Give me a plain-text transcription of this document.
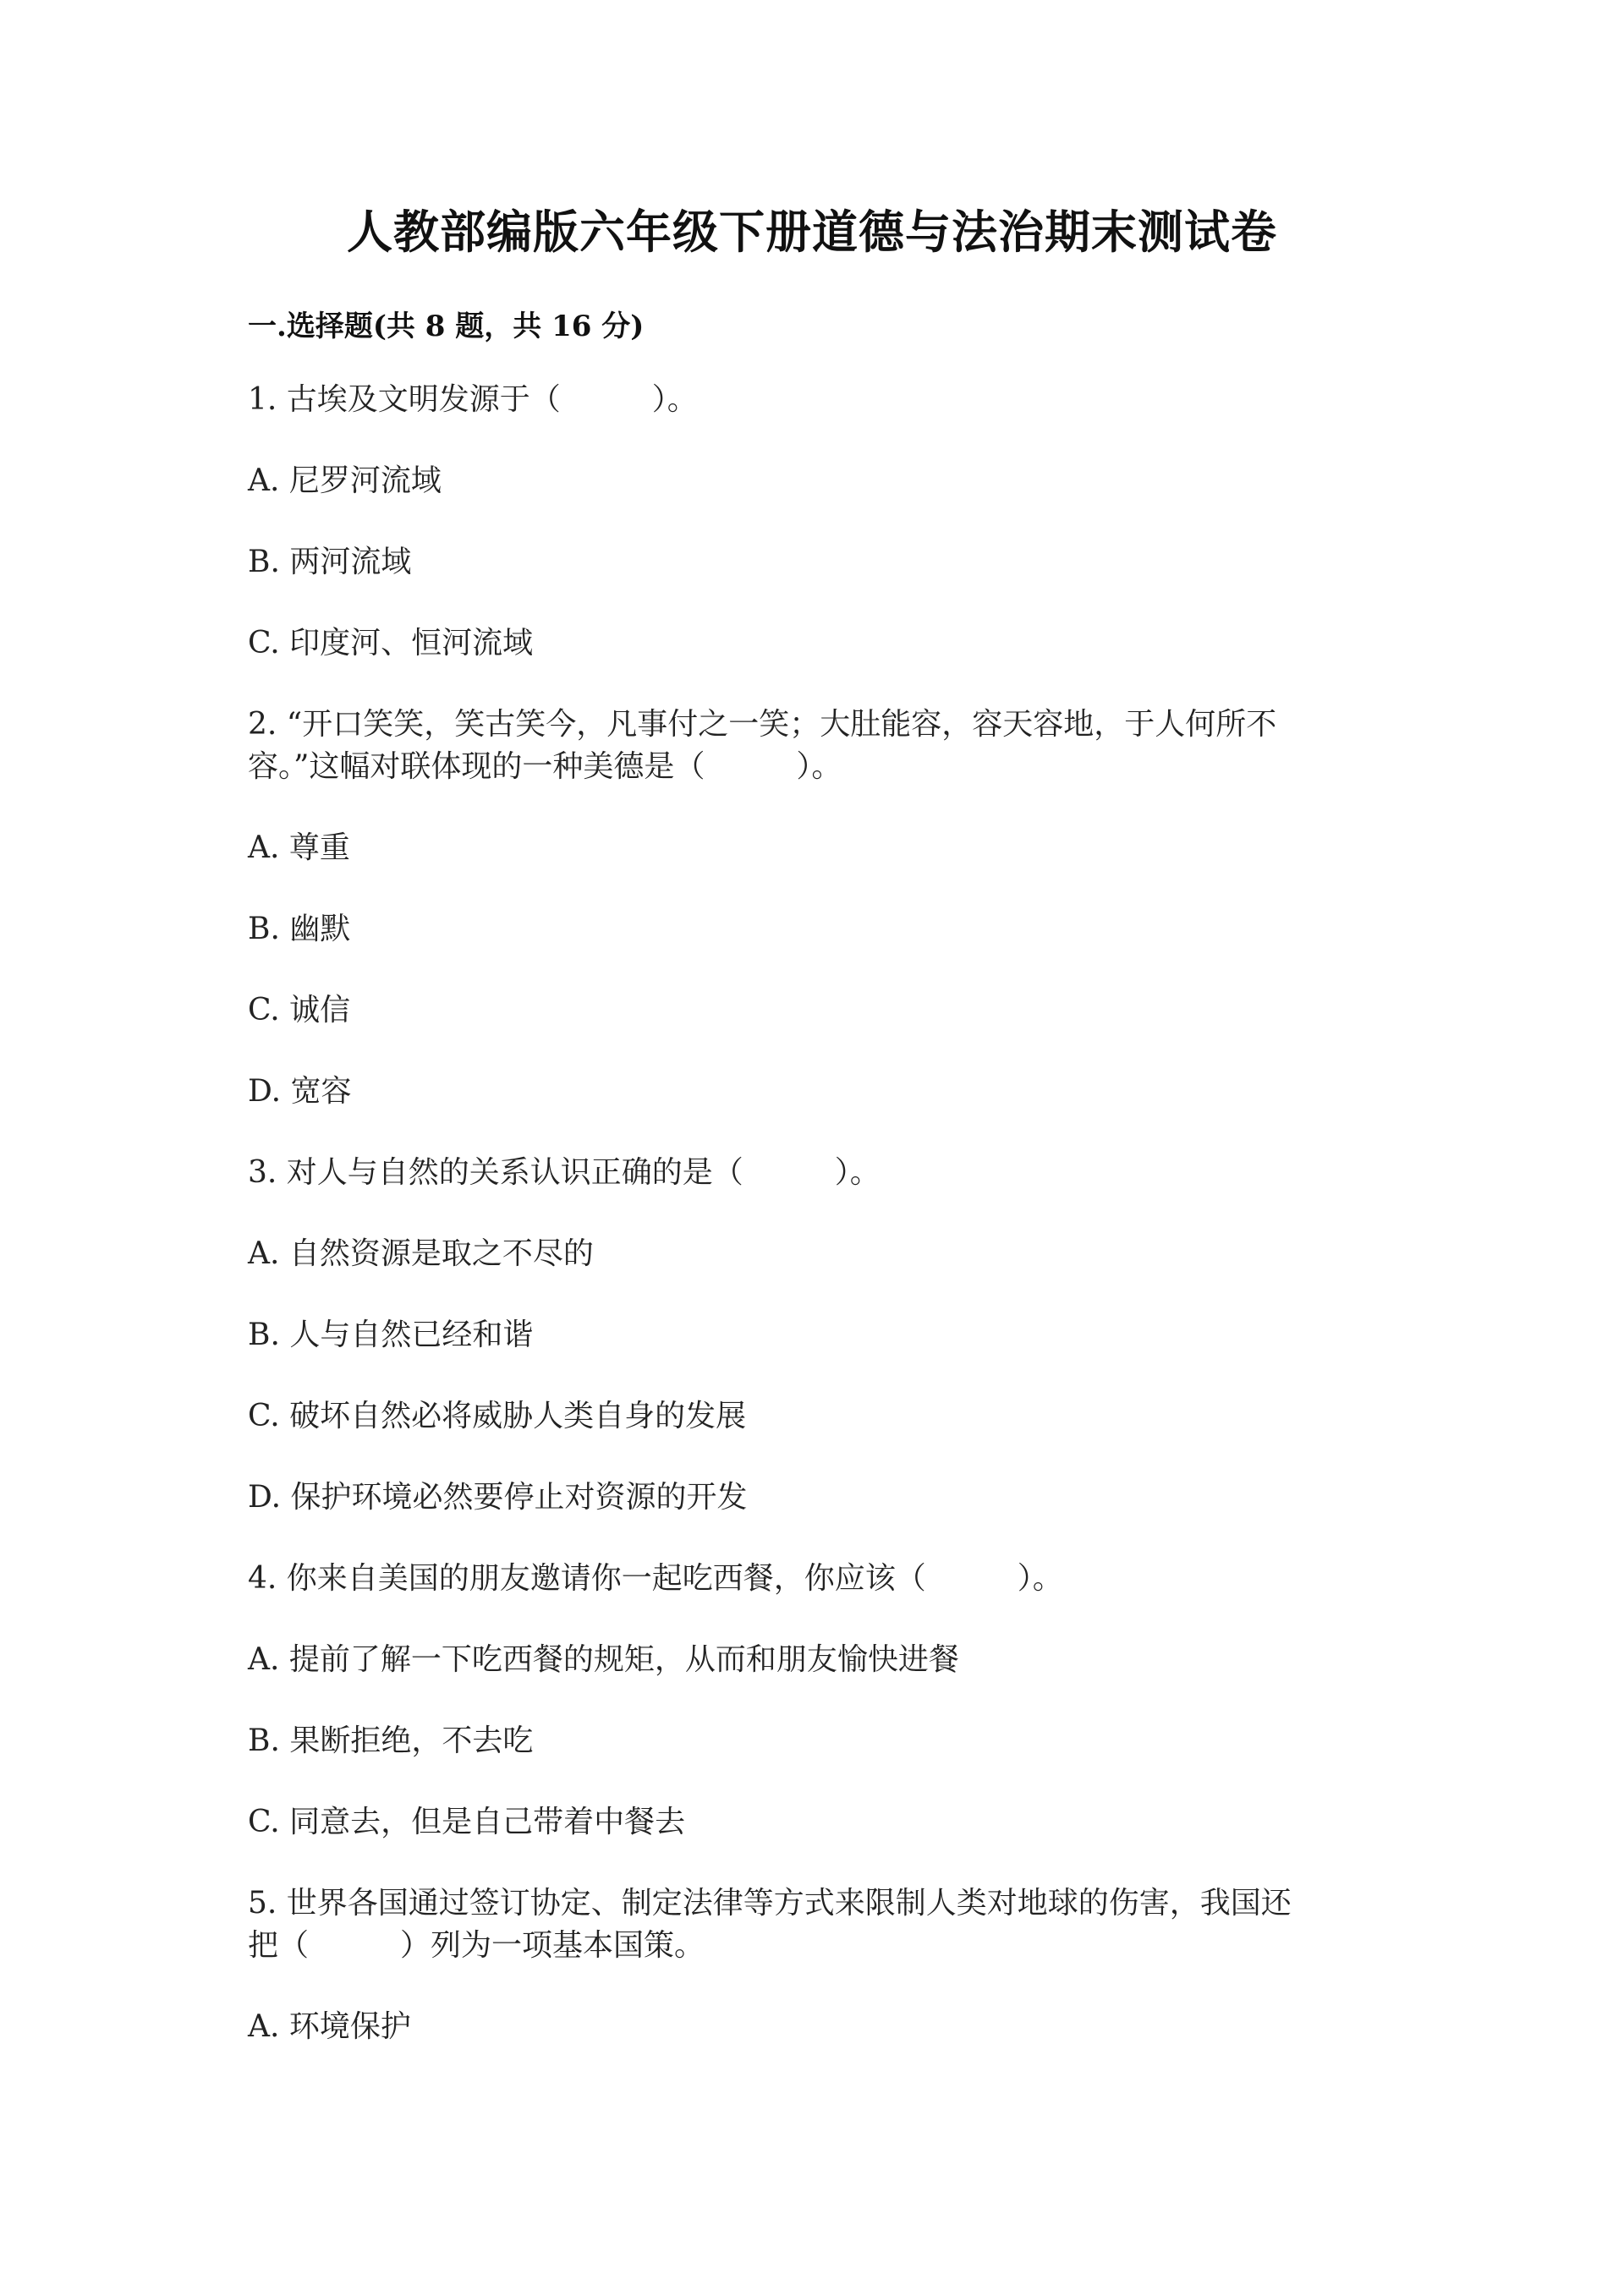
人教部编版六年级下册道德与法治期末测试卷
一.选择题(共 8 题，共 16 分)
1. 古埃及文明发源于（　　　）。
A. 尼罗河流域
B. 两河流域
C. 印度河、恒河流域
2. “开口笑笑，笑古笑今，凡事付之一笑；大肚能容，容天容地，于人何所不
容。”这幅对联体现的一种美德是（　　　）。
A. 尊重
B. 幽默
C. 诚信
D. 宽容
3. 对人与自然的关系认识正确的是（　　　）。
A. 自然资源是取之不尽的
B. 人与自然已经和谐
C. 破坏自然必将威胁人类自身的发展
D. 保护环境必然要停止对资源的开发
4. 你来自美国的朋友邀请你一起吃西餐，你应该（　　　）。
A. 提前了解一下吃西餐的规矩，从而和朋友愉快进餐
B. 果断拒绝，不去吃
C. 同意去，但是自己带着中餐去
5. 世界各国通过签订协定、制定法律等方式来限制人类对地球的伤害，我国还
把（　　　）列为一项基本国策。
A. 环境保护
